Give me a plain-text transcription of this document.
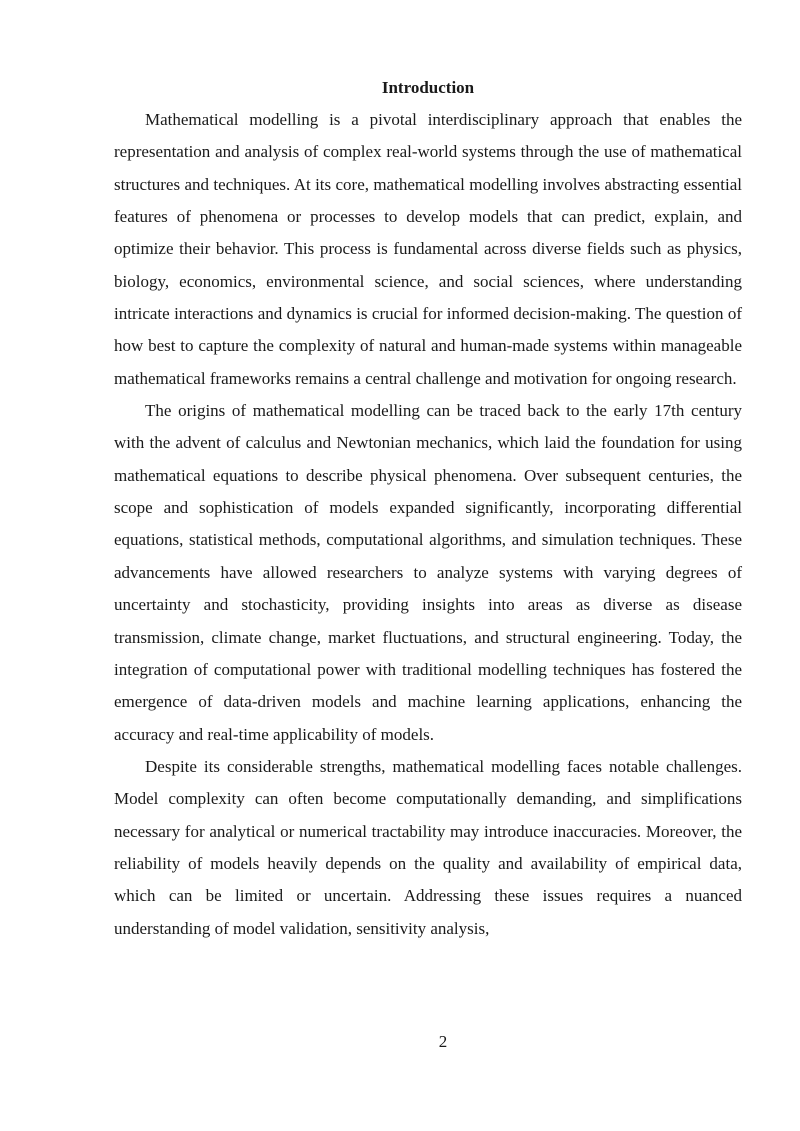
Introduction

Mathematical modelling is a pivotal interdisciplinary approach that enables the representation and analysis of complex real-world systems through the use of mathematical structures and techniques. At its core, mathematical modelling involves abstracting essential features of phenomena or processes to develop models that can predict, explain, and optimize their behavior. This process is fundamental across diverse fields such as physics, biology, economics, environmental science, and social sciences, where understanding intricate interactions and dynamics is crucial for informed decision-making. The question of how best to capture the complexity of natural and human-made systems within manageable mathematical frameworks remains a central challenge and motivation for ongoing research.

The origins of mathematical modelling can be traced back to the early 17th century with the advent of calculus and Newtonian mechanics, which laid the foundation for using mathematical equations to describe physical phenomena. Over subsequent centuries, the scope and sophistication of models expanded significantly, incorporating differential equations, statistical methods, computational algorithms, and simulation techniques. These advancements have allowed researchers to analyze systems with varying degrees of uncertainty and stochasticity, providing insights into areas as diverse as disease transmission, climate change, market fluctuations, and structural engineering. Today, the integration of computational power with traditional modelling techniques has fostered the emergence of data-driven models and machine learning applications, enhancing the accuracy and real-time applicability of models.

Despite its considerable strengths, mathematical modelling faces notable challenges. Model complexity can often become computationally demanding, and simplifications necessary for analytical or numerical tractability may introduce inaccuracies. Moreover, the reliability of models heavily depends on the quality and availability of empirical data, which can be limited or uncertain. Addressing these issues requires a nuanced understanding of model validation, sensitivity analysis,

2
